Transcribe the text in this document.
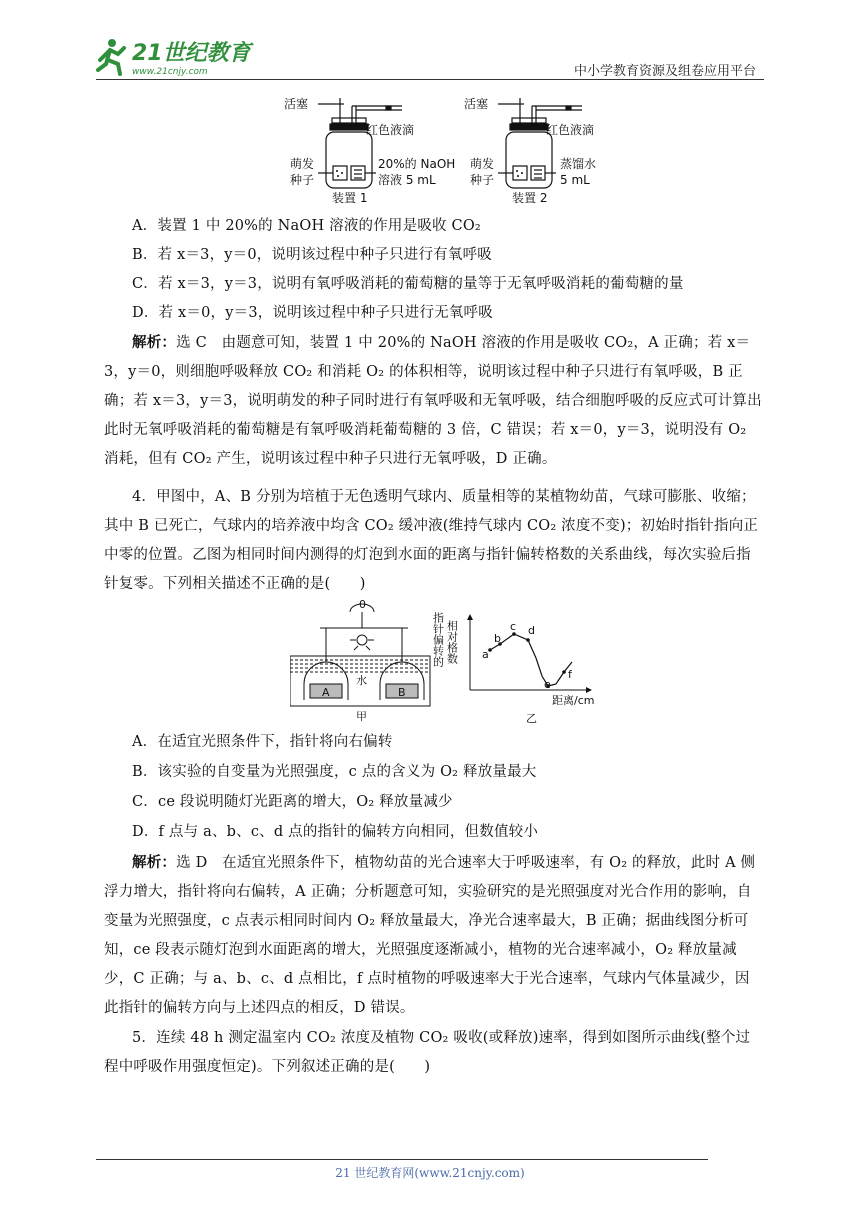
21世纪教育
www.21cnjy.com	中小学教育资源及组卷应用平台
活塞
红色液滴
萌发
种子
20%的 NaOH
溶液 5 mL
装置 1
活塞
红色液滴
萌发
种子
蒸馏水
5 mL
装置 2
A．装置 1 中 20%的 NaOH 溶液的作用是吸收 CO₂
B．若 x＝3，y＝0，说明该过程中种子只进行有氧呼吸
C．若 x＝3，y＝3，说明有氧呼吸消耗的葡萄糖的量等于无氧呼吸消耗的葡萄糖的量
D．若 x＝0，y＝3，说明该过程中种子只进行无氧呼吸
解析：选 C　由题意可知，装置 1 中 20%的 NaOH 溶液的作用是吸收 CO₂，A 正确；若 x＝3，y＝0，则细胞呼吸释放 CO₂ 和消耗 O₂ 的体积相等，说明该过程中种子只进行有氧呼吸，B 正确；若 x＝3，y＝3，说明萌发的种子同时进行有氧呼吸和无氧呼吸，结合细胞呼吸的反应式可计算出此时无氧呼吸消耗的葡萄糖是有氧呼吸消耗葡萄糖的 3 倍，C 错误；若 x＝0，y＝3，说明没有 O₂ 消耗，但有 CO₂ 产生，说明该过程中种子只进行无氧呼吸，D 正确。
4．甲图中，A、B 分别为培植于无色透明气球内、质量相等的某植物幼苗，气球可膨胀、收缩；其中 B 已死亡，气球内的培养液中均含 CO₂ 缓冲液(维持气球内 CO₂ 浓度不变)；初始时指针指向正中零的位置。乙图为相同时间内测得的灯泡到水面的距离与指针偏转格数的关系曲线，每次实验后指针复零。下列相关描述不正确的是(　　)
0
水
A	B
甲	乙
距离/cm
a
b
c d
e
f
指针偏转的 相对格数
A．在适宜光照条件下，指针将向右偏转
B．该实验的自变量为光照强度，c 点的含义为 O₂ 释放量最大
C．ce 段说明随灯光距离的增大，O₂ 释放量减少
D．f 点与 a、b、c、d 点的指针的偏转方向相同，但数值较小
解析：选 D　在适宜光照条件下，植物幼苗的光合速率大于呼吸速率，有 O₂ 的释放，此时 A 侧浮力增大，指针将向右偏转，A 正确；分析题意可知，实验研究的是光照强度对光合作用的影响，自变量为光照强度，c 点表示相同时间内 O₂ 释放量最大，净光合速率最大，B 正确；据曲线图分析可知，ce 段表示随灯泡到水面距离的增大，光照强度逐渐减小，植物的光合速率减小，O₂ 释放量减少，C 正确；与 a、b、c、d 点相比，f 点时植物的呼吸速率大于光合速率，气球内气体量减少，因此指针的偏转方向与上述四点的相反，D 错误。
5．连续 48 h 测定温室内 CO₂ 浓度及植物 CO₂ 吸收(或释放)速率，得到如图所示曲线(整个过程中呼吸作用强度恒定)。下列叙述正确的是(　　)
21 世纪教育网(www.21cnjy.com)
